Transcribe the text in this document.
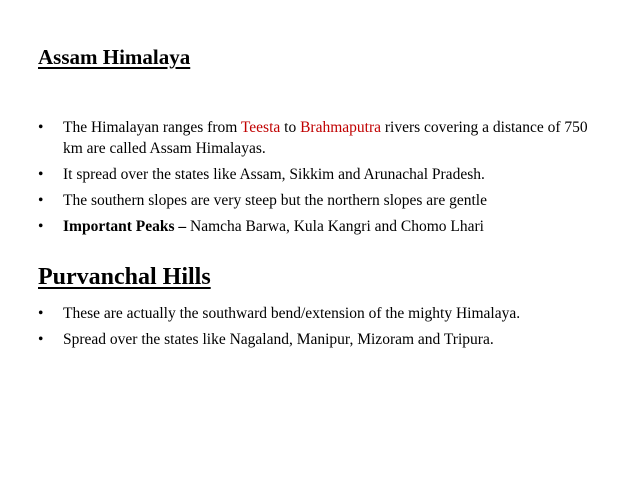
Assam Himalaya
• The Himalayan ranges from Teesta to Brahmaputra rivers covering a distance of 750 km are called Assam Himalayas.
• It spread over the states like Assam, Sikkim and Arunachal Pradesh.
• The southern slopes are very steep but the northern slopes are gentle
• Important Peaks – Namcha Barwa, Kula Kangri and Chomo Lhari
Purvanchal Hills
• These are actually the southward bend/extension of the mighty Himalaya.
• Spread over the states like Nagaland, Manipur, Mizoram and Tripura.
